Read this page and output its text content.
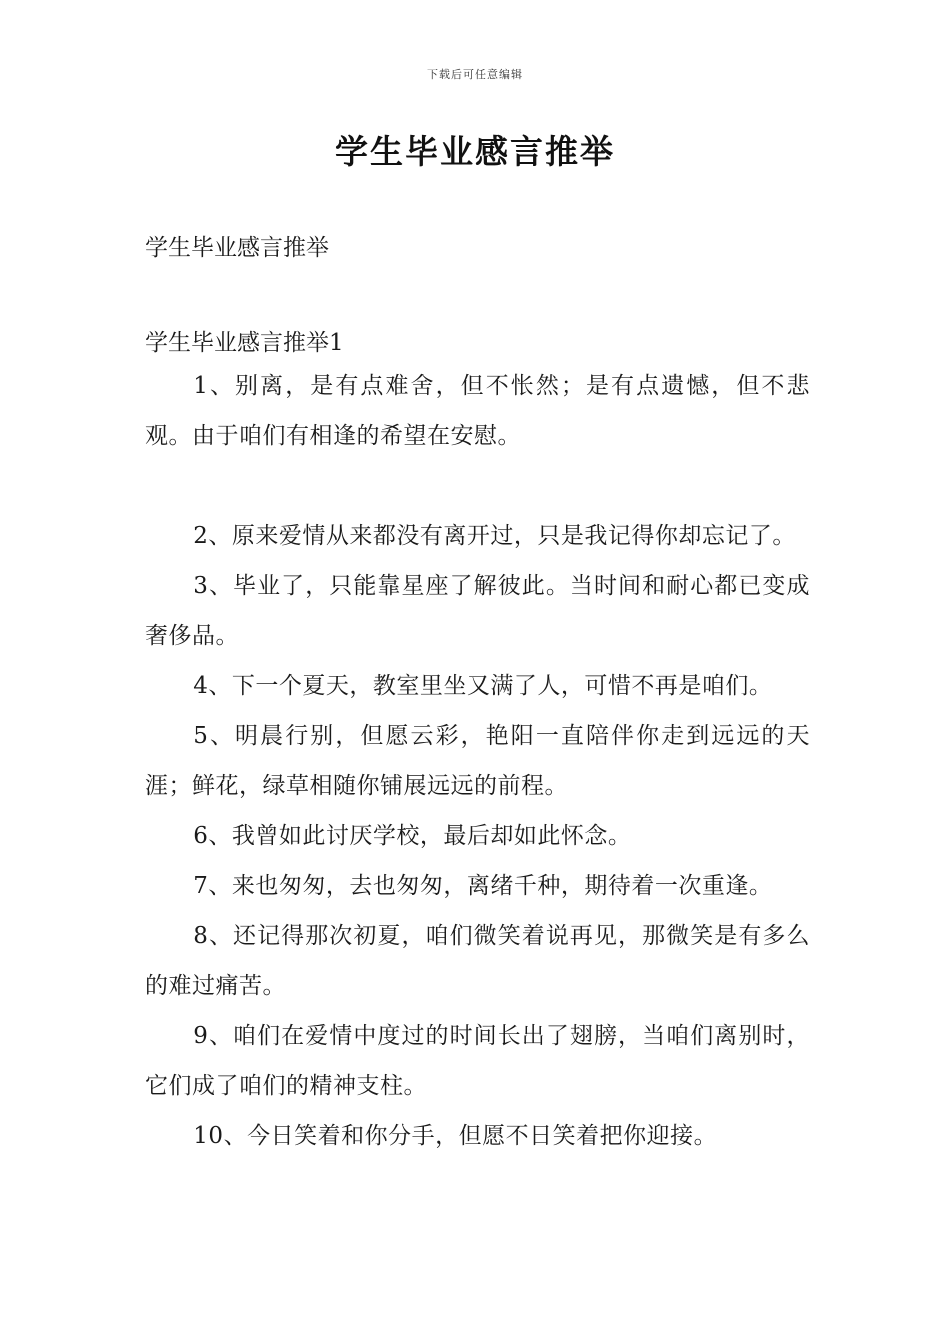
下载后可任意编辑
学生毕业感言推举

学生毕业感言推举

学生毕业感言推举1

1、别离，是有点难舍，但不怅然；是有点遗憾，但不悲观。由于咱们有相逢的希望在安慰。

2、原来爱情从来都没有离开过，只是我记得你却忘记了。

3、毕业了，只能靠星座了解彼此。当时间和耐心都已变成奢侈品。

4、下一个夏天，教室里坐又满了人，可惜不再是咱们。

5、明晨行别，但愿云彩，艳阳一直陪伴你走到远远的天涯；鲜花，绿草相随你铺展远远的前程。

6、我曾如此讨厌学校，最后却如此怀念。

7、来也匆匆，去也匆匆，离绪千种，期待着一次重逢。

8、还记得那次初夏，咱们微笑着说再见，那微笑是有多么的难过痛苦。

9、咱们在爱情中度过的时间长出了翅膀，当咱们离别时，它们成了咱们的精神支柱。

10、今日笑着和你分手，但愿不日笑着把你迎接。
